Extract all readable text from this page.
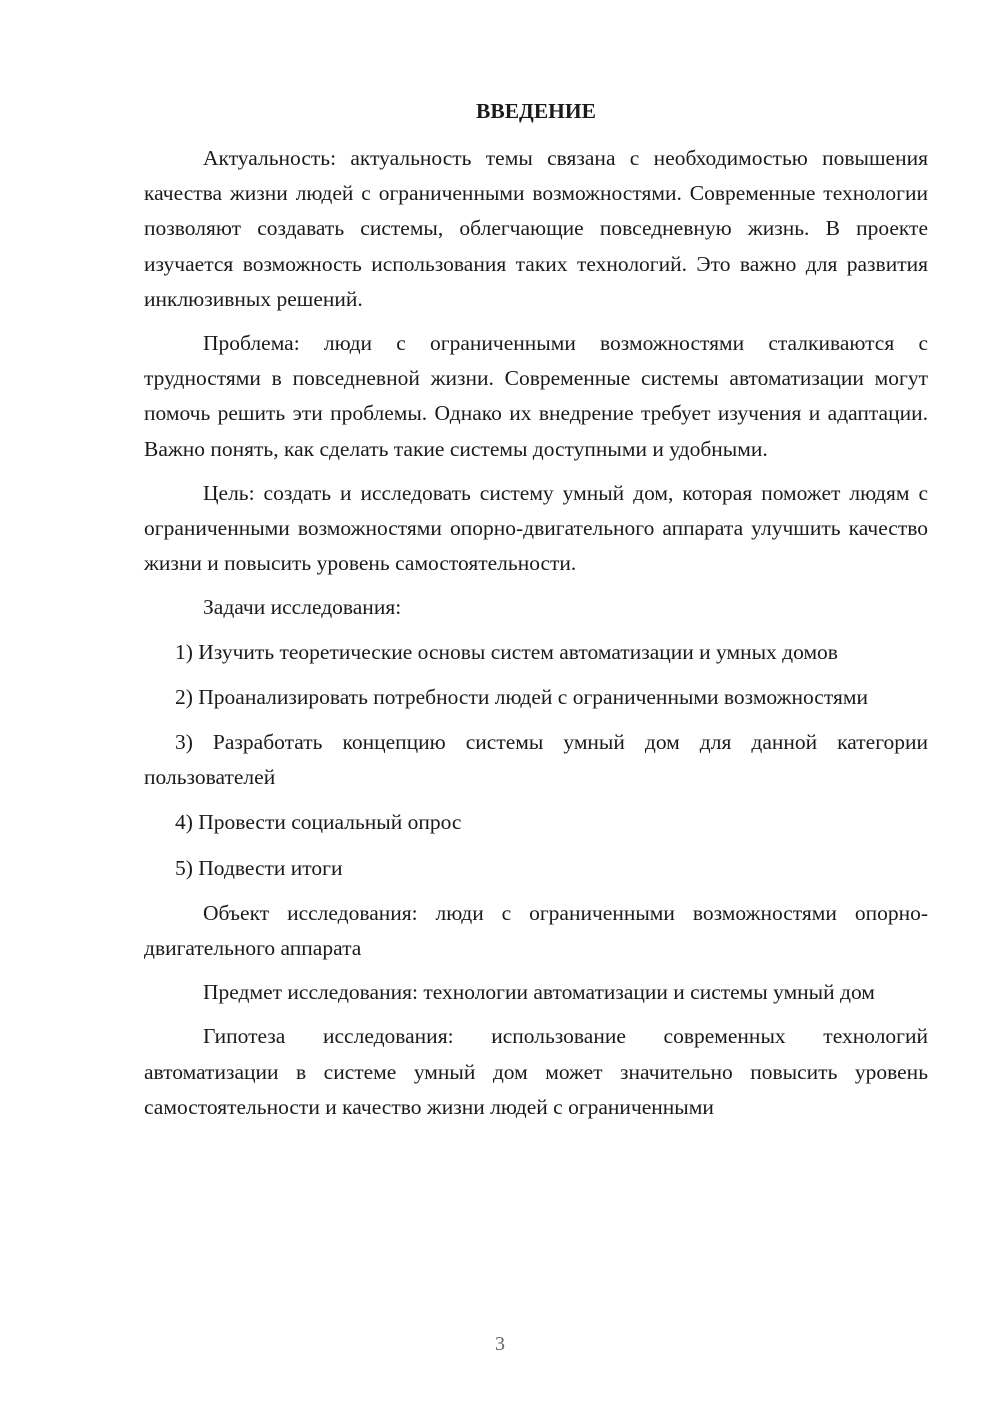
ВВЕДЕНИЕ

Актуальность: актуальность темы связана с необходимостью повышения качества жизни людей с ограниченными возможностями. Современные технологии позволяют создавать системы, облегчающие повседневную жизнь. В проекте изучается возможность использования таких технологий. Это важно для развития инклюзивных решений.

Проблема: люди с ограниченными возможностями сталкиваются с трудностями в повседневной жизни. Современные системы автоматизации могут помочь решить эти проблемы. Однако их внедрение требует изучения и адаптации. Важно понять, как сделать такие системы доступными и удобными.

Цель: создать и исследовать систему умный дом, которая поможет людям с ограниченными возможностями опорно-двигательного аппарата улучшить качество жизни и повысить уровень самостоятельности.

Задачи исследования:

1) Изучить теоретические основы систем автоматизации и умных домов

2) Проанализировать потребности людей с ограниченными возможностями

3) Разработать концепцию системы умный дом для данной категории пользователей

4) Провести социальный опрос

5) Подвести итоги

Объект исследования: люди с ограниченными возможностями опорно-двигательного аппарата

Предмет исследования: технологии автоматизации и системы умный дом

Гипотеза исследования: использование современных технологий автоматизации в системе умный дом может значительно повысить уровень самостоятельности и качество жизни людей с ограниченными

3
